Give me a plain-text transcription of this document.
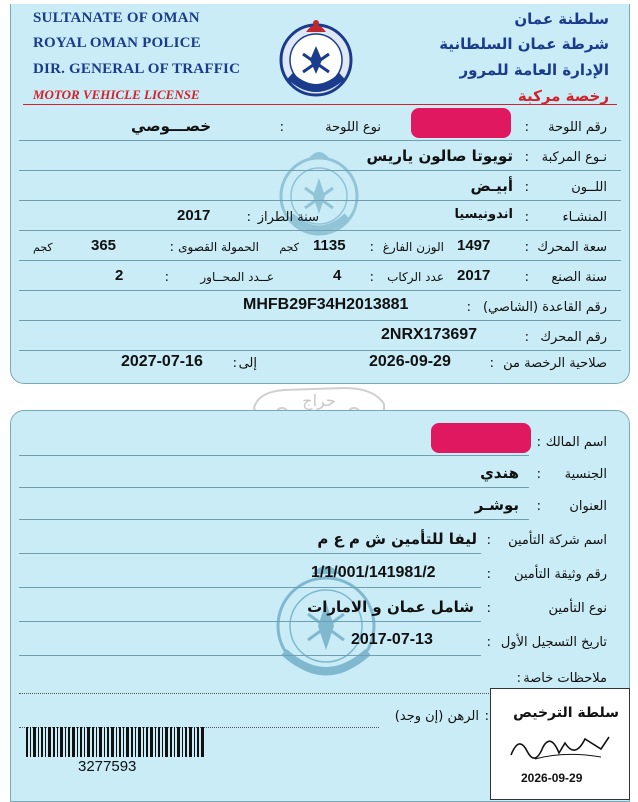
SULTANATE OF OMAN
ROYAL OMAN POLICE
DIR. GENERAL OF TRAFFIC
MOTOR VEHICLE LICENSE
سلطنة عمان
شرطة عمان السلطانية
الإدارة العامة للمرور
رخصة مركبة
رقم اللوحة
:
نوع اللوحة
:
خصـــوصي
نـوع المركبة
:
تويوتا صالون ياريس
اللــون
:
أبيـض
المنشـاء
:
اندونيسيا
سنة الطراز
:
2017
سعة المحرك
:
1497
الوزن الفارغ
:
1135
كجم
الحمولة القصوى
:
365
كجم
سنة الصنع
:
2017
عدد الركاب
:
4
عــدد المحــاور
:
2
رقم القاعدة (الشاصي)
:
MHFB29F34H2013881
رقم المحرك
:
2NRX173697
صلاحية الرخصة من
:
2026-09-29
إلى
:
2027-07-16
حراج
اسم المالك
:
الجنسية
:
هندي
العنوان
:
بوشـر
اسم شركة التأمين
:
ليفا للتأمين ش م ع م
رقم وثيقة التأمين
:
1/1/001/141981/2
نوع التأمين
:
شامل عمان و الامارات
تاريخ التسجيل الأول
:
2017-07-13
ملاحظات خاصة
:
الرهن (إن وجد) :
3277593
سلطة الترخيص
2026-09-29
